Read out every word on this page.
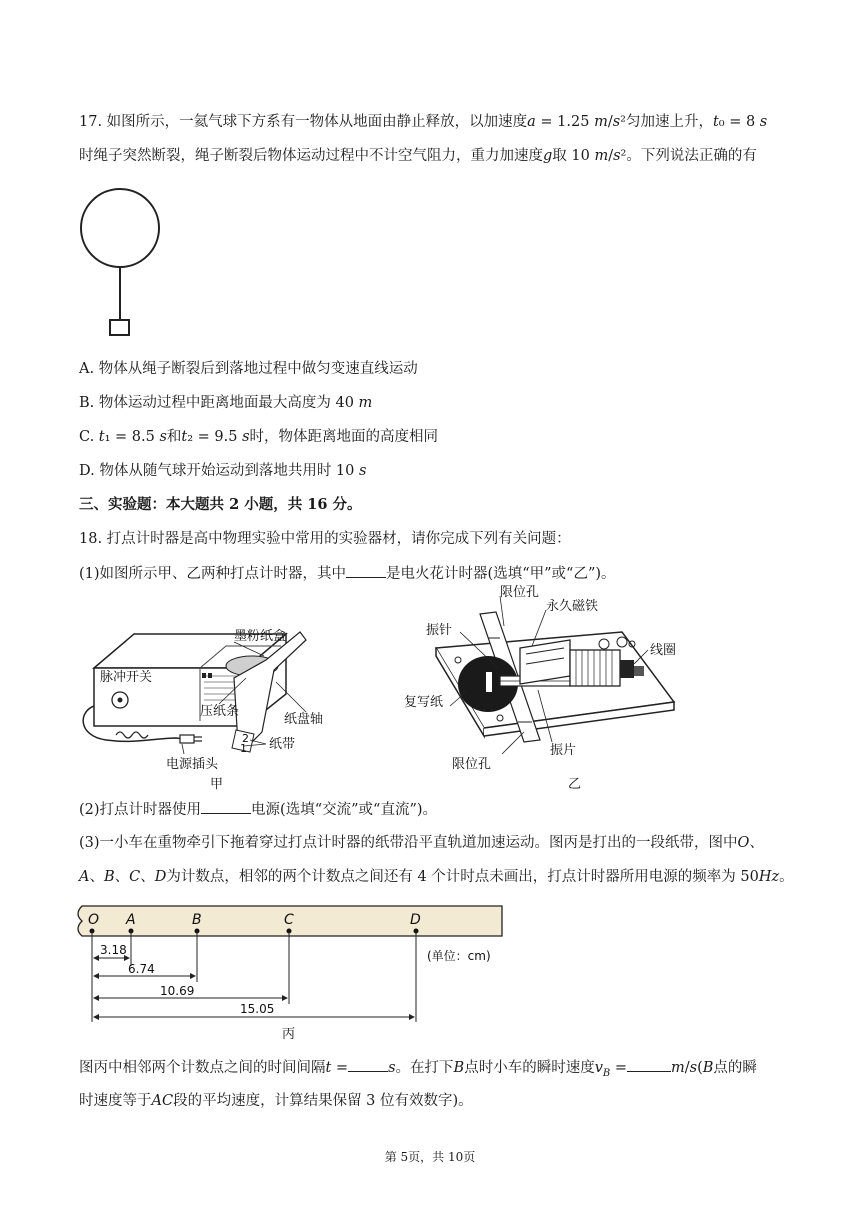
17. 如图所示，一氦气球下方系有一物体从地面由静止释放，以加速度𝑎 = 1.25 𝑚/𝑠²匀加速上升，𝑡₀ = 8 𝑠
时绳子突然断裂，绳子断裂后物体运动过程中不计空气阻力，重力加速度𝑔取 10 𝑚/𝑠²。下列说法正确的有
A. 物体从绳子断裂后到落地过程中做匀变速直线运动
B. 物体运动过程中距离地面最大高度为 40 𝑚
C. 𝑡₁ = 8.5 𝑠和𝑡₂ = 9.5 𝑠时，物体距离地面的高度相同
D. 物体从随气球开始运动到落地共用时 10 𝑠
三、实验题：本大题共 2 小题，共 16 分。
18. 打点计时器是高中物理实验中常用的实验器材，请你完成下列有关问题：
(1)如图所示甲、乙两种打点计时器，其中	是电火花计时器(选填“甲”或“乙”)。
墨粉纸盒
脉冲开关
压纸条
纸盘轴
纸带
电源插头
2
1
甲
限位孔
永久磁铁
振针
线圈
复写纸
振片
限位孔
乙
(2)打点计时器使用	电源(选填“交流”或“直流”)。
(3)一小车在重物牵引下拖着穿过打点计时器的纸带沿平直轨道加速运动。图丙是打出的一段纸带，图中𝑂、
𝐴、𝐵、𝐶、𝐷为计数点，相邻的两个计数点之间还有 4 个计时点未画出，打点计时器所用电源的频率为 50𝐻𝑧。
O A	B	C	D
3.18
6.74
10.69
15.05
(单位：cm)
丙
图丙中相邻两个计数点之间的时间间隔𝑡 =	𝑠。在打下𝐵点时小车的瞬时速度𝑣$_𝐵$ =	𝑚/𝑠(𝐵点的瞬
时速度等于𝐴𝐶段的平均速度，计算结果保留 3 位有效数字)。
第 5页，共 10页
